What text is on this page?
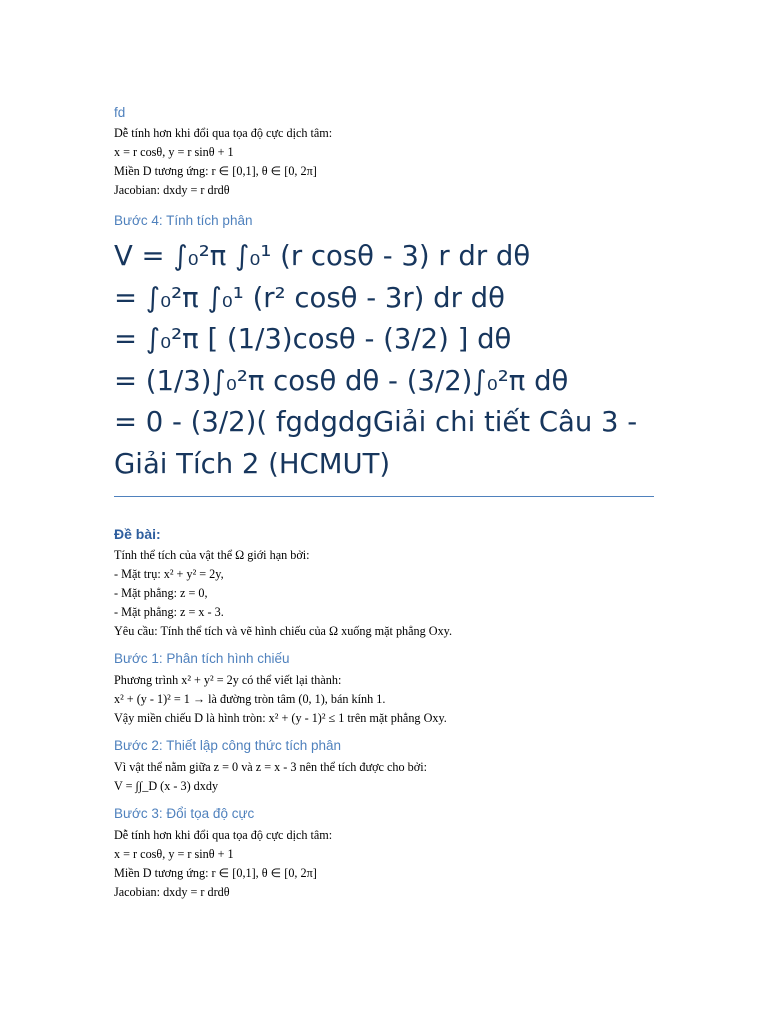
fd
Dễ tính hơn khi đổi qua tọa độ cực dịch tâm:
x = r cosθ, y = r sinθ + 1
Miền D tương ứng: r ∈ [0,1], θ ∈ [0, 2π]
Jacobian: dxdy = r drdθ
Bước 4: Tính tích phân
V = ∫₀²π ∫₀¹ (r cosθ - 3) r dr dθ
= ∫₀²π ∫₀¹ (r² cosθ - 3r) dr dθ
= ∫₀²π [ (1/3)cosθ - (3/2) ] dθ
= (1/3)∫₀²π cosθ dθ - (3/2)∫₀²π dθ
= 0 - (3/2)( fgdgdgGiải chi tiết Câu 3 -
Giải Tích 2 (HCMUT)
Đề bài:
Tính thể tích của vật thể Ω giới hạn bởi:
- Mặt trụ: x² + y² = 2y,
- Mặt phẳng: z = 0,
- Mặt phẳng: z = x - 3.
Yêu cầu: Tính thể tích và vẽ hình chiếu của Ω xuống mặt phẳng Oxy.
Bước 1: Phân tích hình chiếu
Phương trình x² + y² = 2y có thể viết lại thành:
x² + (y - 1)² = 1 → là đường tròn tâm (0, 1), bán kính 1.
Vậy miền chiếu D là hình tròn: x² + (y - 1)² ≤ 1 trên mặt phẳng Oxy.
Bước 2: Thiết lập công thức tích phân
Vì vật thể nằm giữa z = 0 và z = x - 3 nên thể tích được cho bởi:
V = ∫∫_D (x - 3) dxdy
Bước 3: Đổi tọa độ cực
Dễ tính hơn khi đổi qua tọa độ cực dịch tâm:
x = r cosθ, y = r sinθ + 1
Miền D tương ứng: r ∈ [0,1], θ ∈ [0, 2π]
Jacobian: dxdy = r drdθ
